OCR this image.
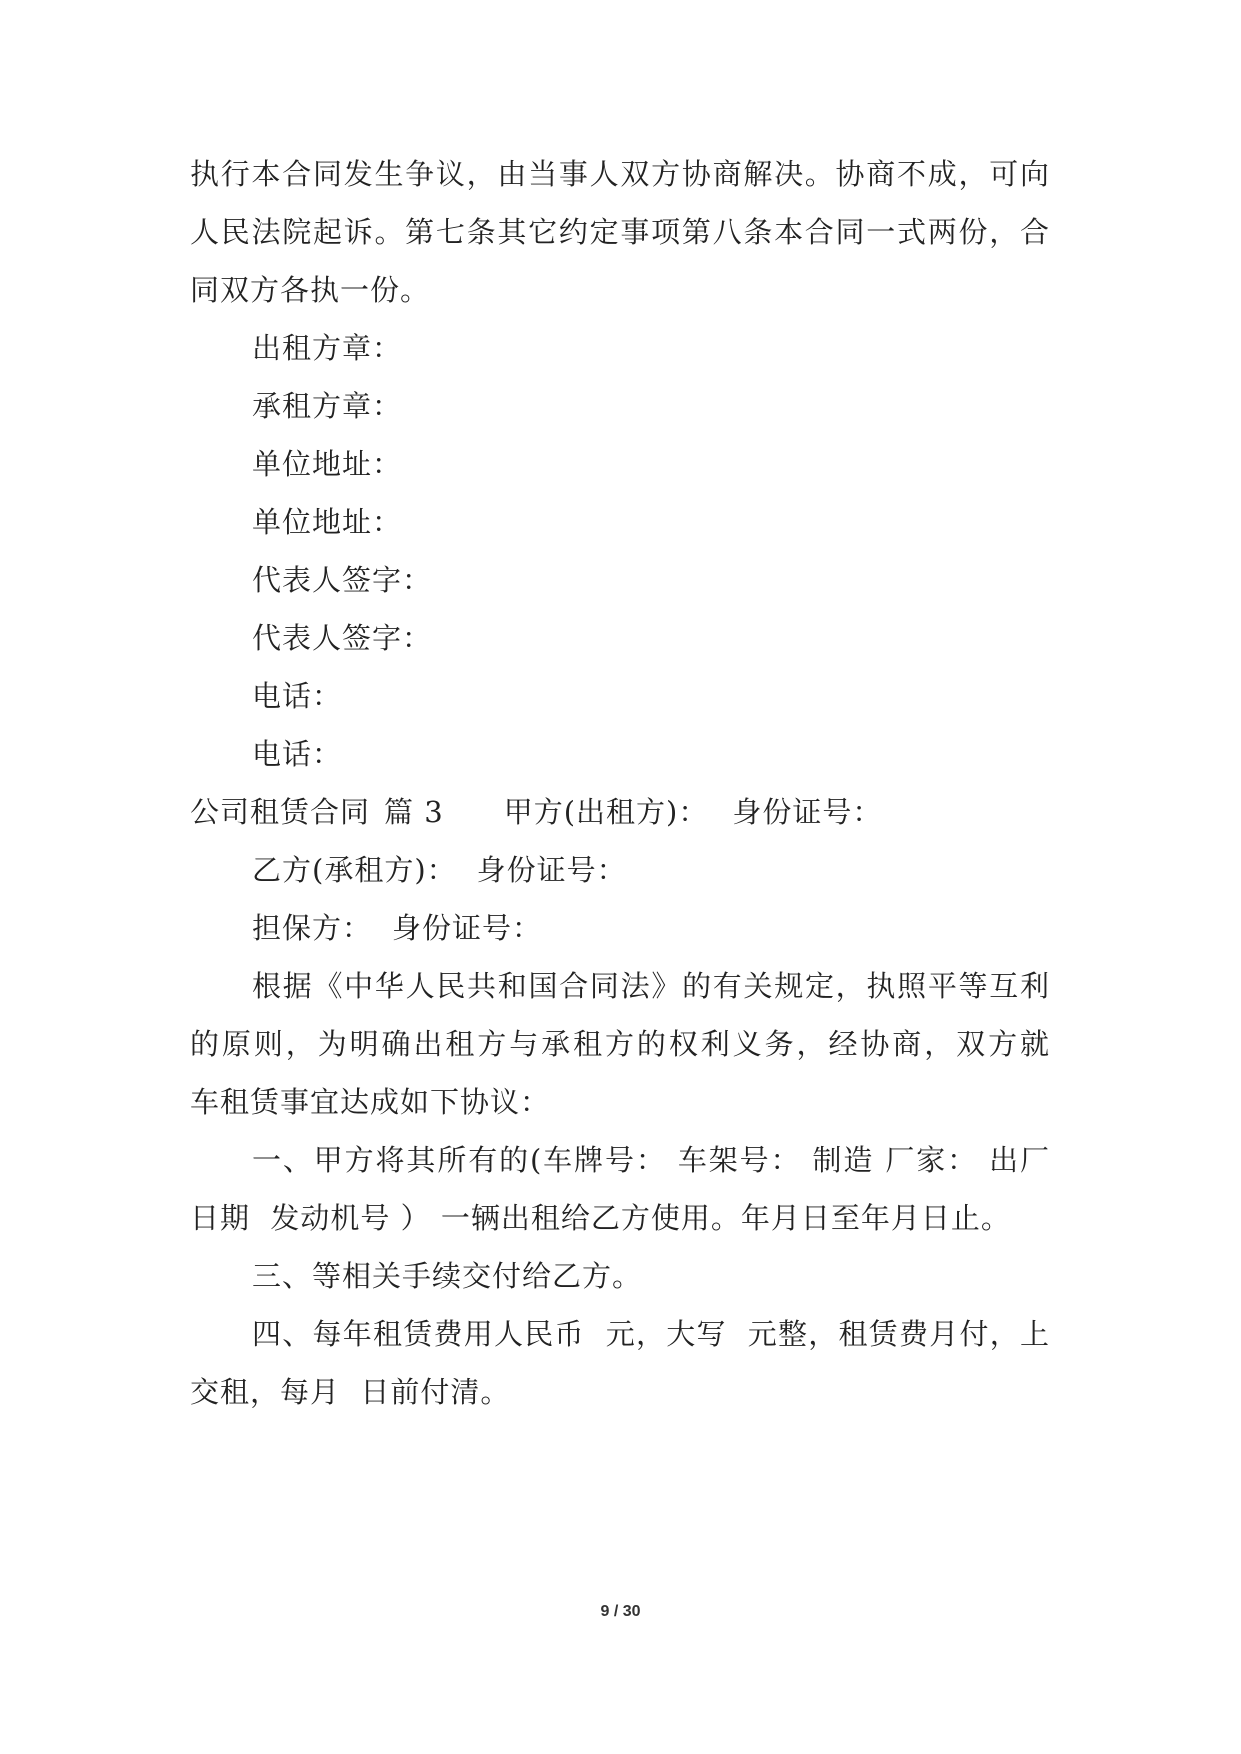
执行本合同发生争议，由当事人双方协商解决。协商不成，可向
人民法院起诉。第七条其它约定事项第八条本合同一式两份，合
同双方各执一份。
出租方章：
承租方章：
单位地址：
单位地址：
代表人签字：
代表人签字：
电话：
电话：
公司租赁合同 篇 3 甲方(出租方)： 身份证号：
乙方(承租方)： 身份证号：
担保方： 身份证号：
根据《中华人民共和国合同法》的有关规定，执照平等互利
的原则，为明确出租方与承租方的权利义务，经协商，双方就
车租赁事宜达成如下协议：
一、甲方将其所有的(车牌号： 车架号： 制造 厂家： 出厂
日期  发动机号 ） 一辆出租给乙方使用。年月日至年月日止。
三、等相关手续交付给乙方。
四、每年租赁费用人民币  元，大写  元整，租赁费月付，上
交租，每月  日前付清。
9 / 30
